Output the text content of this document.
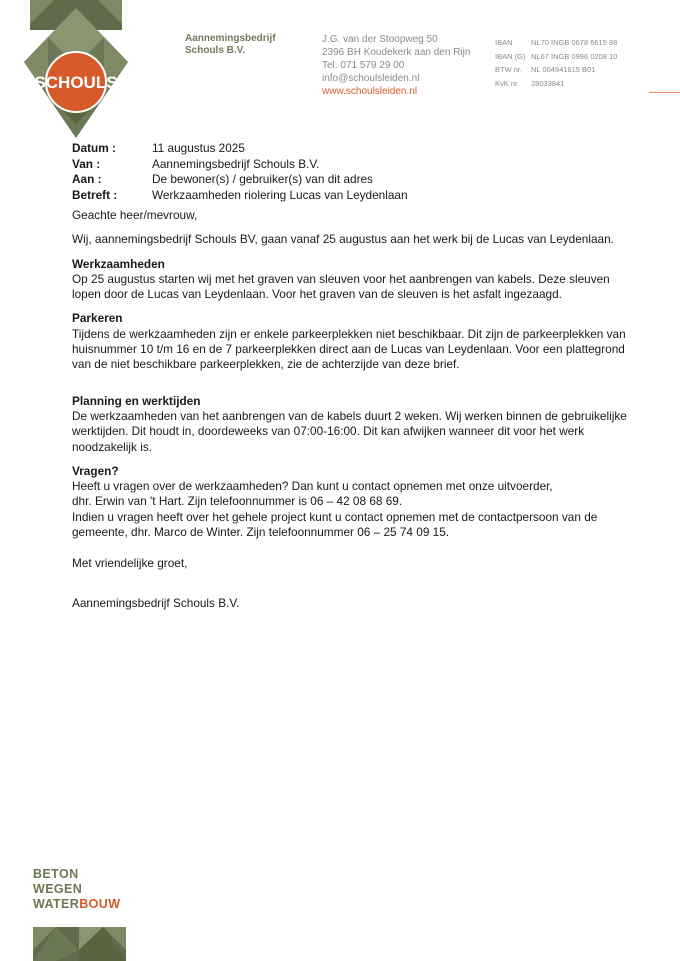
SCHOULS
Aannemingsbedrijf
Schouls B.V.
J.G. van der Stoopweg 50
2396 BH Koudekerk aan den Rijn
Tel. 071 579 29 00
info@schoulsleiden.nl
www.schoulsleiden.nl
IBAN	NL70 INGB 0678 6615 88
IBAN (G) NL67 INGB 0996 0208 10
BTW nr.	NL 004941615 B01
KvK nr.	28033841
Datum :	11 augustus 2025
Van :	Aannemingsbedrijf Schouls B.V.
Aan :	De bewoner(s) / gebruiker(s) van dit adres
Betreft :	Werkzaamheden riolering Lucas van Leydenlaan

Geachte heer/mevrouw,

Wij, aannemingsbedrijf Schouls BV, gaan vanaf 25 augustus aan het werk bij de Lucas van Leydenlaan.

Werkzaamheden

Op 25 augustus starten wij met het graven van sleuven voor het aanbrengen van kabels. Deze sleuven lopen door de Lucas van Leydenlaan. Voor het graven van de sleuven is het asfalt ingezaagd.

Parkeren

Tijdens de werkzaamheden zijn er enkele parkeerplekken niet beschikbaar. Dit zijn de parkeerplekken van huisnummer 10 t/m 16 en de 7 parkeerplekken direct aan de Lucas van Leydenlaan. Voor een plattegrond van de niet beschikbare parkeerplekken, zie de achterzijde van deze brief.

Planning en werktijden

De werkzaamheden van het aanbrengen van de kabels duurt 2 weken. Wij werken binnen de gebruikelijke werktijden. Dit houdt in, doordeweeks van 07:00-16:00. Dit kan afwijken wanneer dit voor het werk noodzakelijk is.

Vragen?

Heeft u vragen over de werkzaamheden? Dan kunt u contact opnemen met onze uitvoerder,

dhr. Erwin van 't Hart. Zijn telefoonnummer is 06 – 42 08 68 69.

Indien u vragen heeft over het gehele project kunt u contact opnemen met de contactpersoon van de gemeente, dhr. Marco de Winter. Zijn telefoonnummer 06 – 25 74 09 15.

Met vriendelijke groet,

Aannemingsbedrijf Schouls B.V.

BETON
WEGEN
WATERBOUW
